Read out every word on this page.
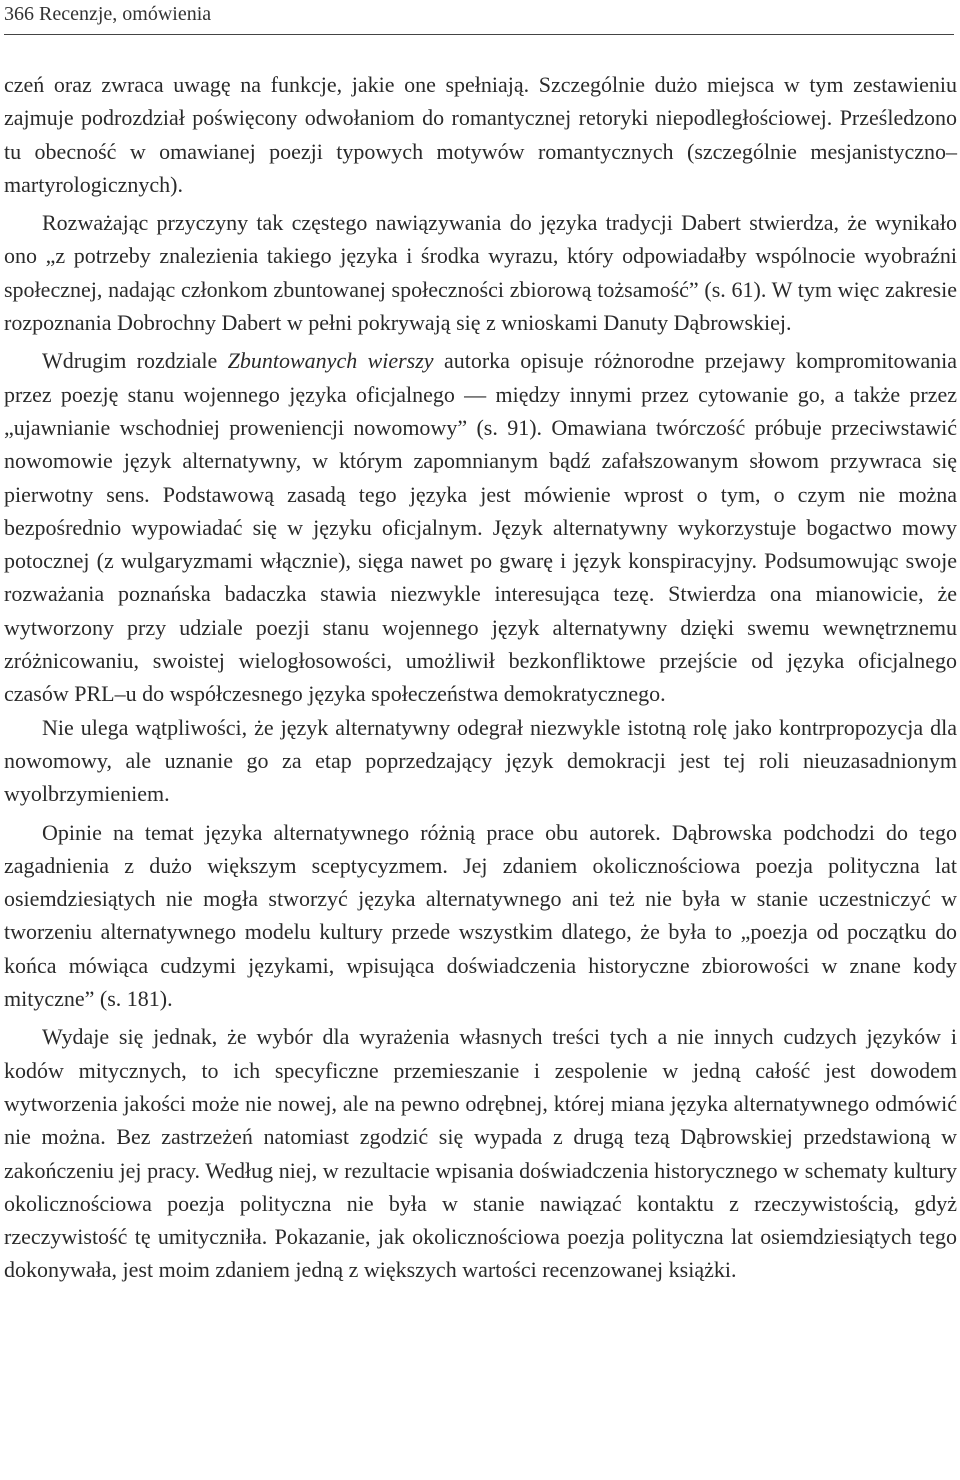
366 Recenzje, omówienia

czeń oraz zwraca uwagę na funkcje, jakie one spełniają. Szczególnie dużo miejsca w tym zestawieniu zajmuje podrozdział poświęcony odwołaniom do romantycznej retoryki niepodległościowej. Prześledzono tu obecność w omawianej poezji typowych motywów romantycznych (szczególnie mesjanistyczno–martyrologicznych).

Rozważając przyczyny tak częstego nawiązywania do języka tradycji Dabert stwierdza, że wynikało ono „z potrzeby znalezienia takiego języka i środka wyrazu, który odpowiadałby wspólnocie wyobraźni społecznej, nadając członkom zbuntowanej społeczności zbiorową tożsamość” (s. 61). W tym więc zakresie rozpoznania Dobrochny Dabert w pełni pokrywają się z wnioskami Danuty Dąbrowskiej.

Wdrugim rozdziale Zbuntowanych wierszy autorka opisuje różnorodne przejawy kompromitowania przez poezję stanu wojennego języka oficjalnego — między innymi przez cytowanie go, a także przez „ujawnianie wschodniej proweniencji nowomowy” (s. 91). Omawiana twórczość próbuje przeciwstawić nowomowie język alternatywny, w którym zapomnianym bądź zafałszowanym słowom przywraca się pierwotny sens. Podstawową zasadą tego języka jest mówienie wprost o tym, o czym nie można bezpośrednio wypowiadać się w języku oficjalnym. Język alternatywny wykorzystuje bogactwo mowy potocznej (z wulgaryzmami włącznie), sięga nawet po gwarę i język konspiracyjny. Podsumowując swoje rozważania poznańska badaczka stawia niezwykle interesująca tezę. Stwierdza ona mianowicie, że wytworzony przy udziale poezji stanu wojennego język alternatywny dzięki swemu wewnętrznemu zróżnicowaniu, swoistej wielogłosowości, umożliwił bezkonfliktowe przejście od języka oficjalnego czasów PRL–u do współczesnego języka społeczeństwa demokratycznego.

Nie ulega wątpliwości, że język alternatywny odegrał niezwykle istotną rolę jako kontrpropozycja dla nowomowy, ale uznanie go za etap poprzedzający język demokracji jest tej roli nieuzasadnionym wyolbrzymieniem.

Opinie na temat języka alternatywnego różnią prace obu autorek. Dąbrowska podchodzi do tego zagadnienia z dużo większym sceptycyzmem. Jej zdaniem okolicznościowa poezja polityczna lat osiemdziesiątych nie mogła stworzyć języka alternatywnego ani też nie była w stanie uczestniczyć w tworzeniu alternatywnego modelu kultury przede wszystkim dlatego, że była to „poezja od początku do końca mówiąca cudzymi językami, wpisująca doświadczenia historyczne zbiorowości w znane kody mityczne” (s. 181).

Wydaje się jednak, że wybór dla wyrażenia własnych treści tych a nie innych cudzych języków i kodów mitycznych, to ich specyficzne przemieszanie i zespolenie w jedną całość jest dowodem wytworzenia jakości może nie nowej, ale na pewno odrębnej, której miana języka alternatywnego odmówić nie można. Bez zastrzeżeń natomiast zgodzić się wypada z drugą tezą Dąbrowskiej przedstawioną w zakończeniu jej pracy. Według niej, w rezultacie wpisania doświadczenia historycznego w schematy kultury okolicznościowa poezja polityczna nie była w stanie nawiązać kontaktu z rzeczywistością, gdyż rzeczywistość tę umityczniła. Pokazanie, jak okolicznościowa poezja polityczna lat osiemdziesiątych tego dokonywała, jest moim zdaniem jedną z większych wartości recenzowanej książki.
